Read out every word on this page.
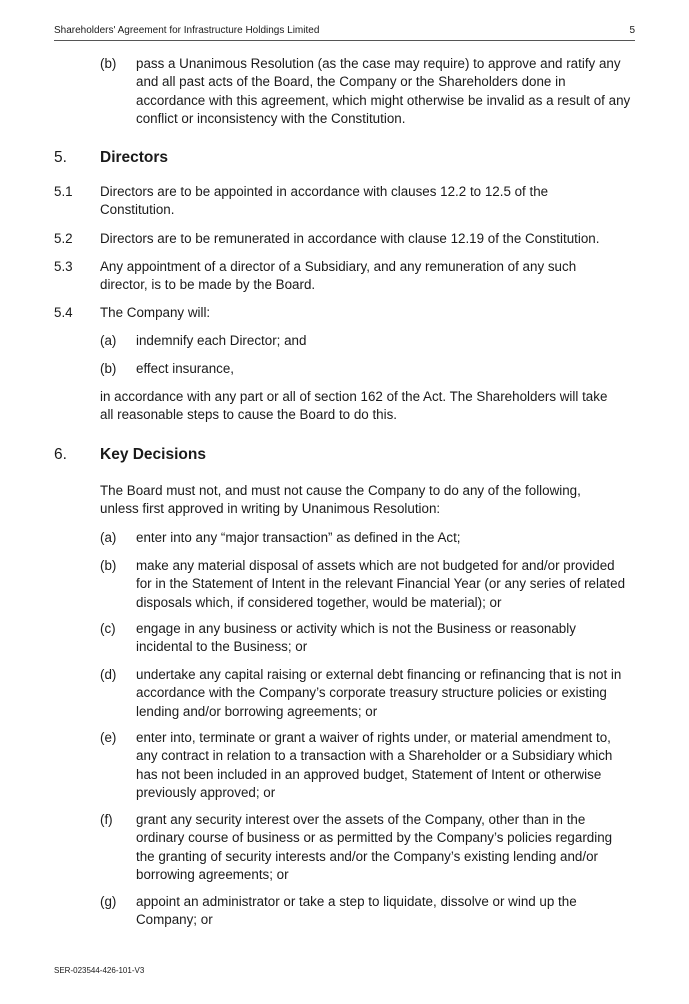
Shareholders' Agreement for Infrastructure Holdings Limited	5
(b) pass a Unanimous Resolution (as the case may require) to approve and ratify any and all past acts of the Board, the Company or the Shareholders done in accordance with this agreement, which might otherwise be invalid as a result of any conflict or inconsistency with the Constitution.
5. Directors
5.1 Directors are to be appointed in accordance with clauses 12.2 to 12.5 of the Constitution.
5.2 Directors are to be remunerated in accordance with clause 12.19 of the Constitution.
5.3 Any appointment of a director of a Subsidiary, and any remuneration of any such director, is to be made by the Board.
5.4 The Company will:
(a) indemnify each Director; and
(b) effect insurance,
in accordance with any part or all of section 162 of the Act. The Shareholders will take all reasonable steps to cause the Board to do this.
6. Key Decisions
The Board must not, and must not cause the Company to do any of the following, unless first approved in writing by Unanimous Resolution:
(a) enter into any “major transaction” as defined in the Act;
(b) make any material disposal of assets which are not budgeted for and/or provided for in the Statement of Intent in the relevant Financial Year (or any series of related disposals which, if considered together, would be material); or
(c) engage in any business or activity which is not the Business or reasonably incidental to the Business; or
(d) undertake any capital raising or external debt financing or refinancing that is not in accordance with the Company’s corporate treasury structure policies or existing lending and/or borrowing agreements; or
(e) enter into, terminate or grant a waiver of rights under, or material amendment to, any contract in relation to a transaction with a Shareholder or a Subsidiary which has not been included in an approved budget, Statement of Intent or otherwise previously approved; or
(f) grant any security interest over the assets of the Company, other than in the ordinary course of business or as permitted by the Company’s policies regarding the granting of security interests and/or the Company’s existing lending and/or borrowing agreements; or
(g) appoint an administrator or take a step to liquidate, dissolve or wind up the Company; or
SER-023544-426-101-V3
